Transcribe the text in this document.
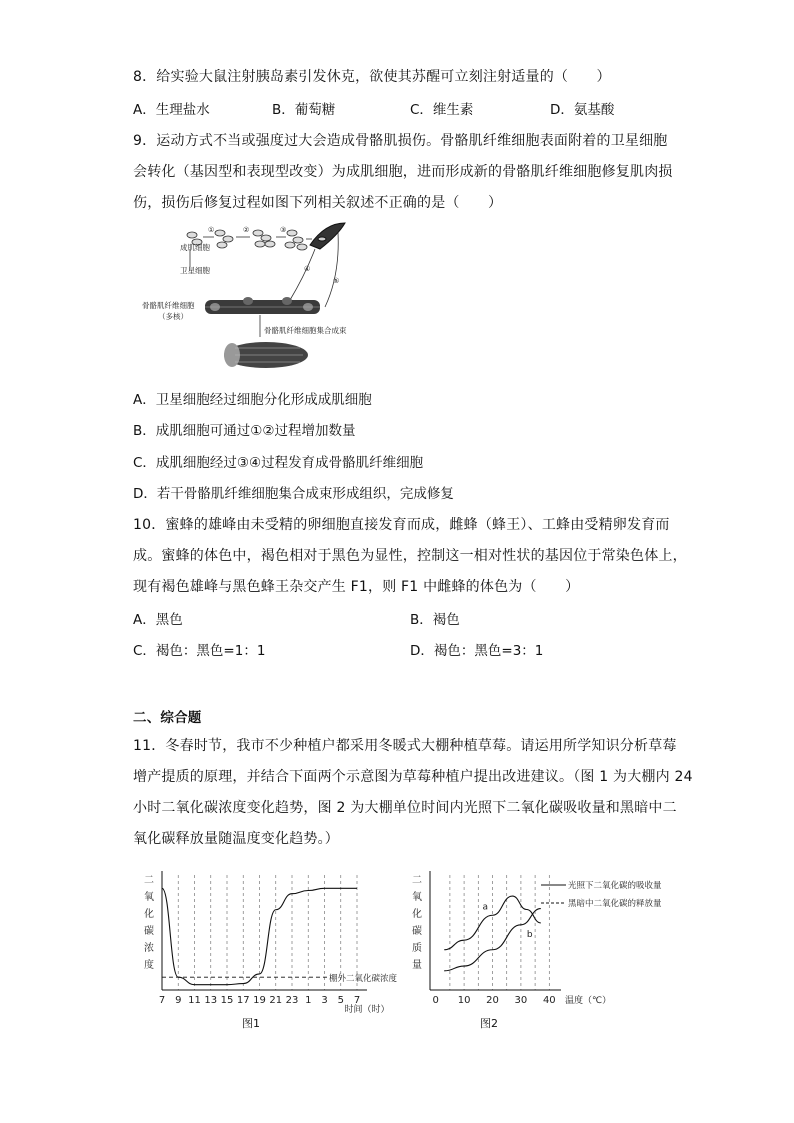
8．给实验大鼠注射胰岛素引发休克，欲使其苏醒可立刻注射适量的（　　）
A．生理盐水	B．葡萄糖	C．维生素	D．氨基酸
9．运动方式不当或强度过大会造成骨骼肌损伤。骨骼肌纤维细胞表面附着的卫星细胞
会转化（基因型和表现型改变）为成肌细胞，进而形成新的骨骼肌纤维细胞修复肌肉损
伤，损伤后修复过程如图下列相关叙述不正确的是（　　）
①	②	③
④
⑤
成肌细胞
卫星细胞
骨骼肌纤维细胞
（多核）
骨骼肌纤维细胞集合成束
A．卫星细胞经过细胞分化形成成肌细胞
B．成肌细胞可通过①②过程增加数量
C．成肌细胞经过③④过程发育成骨骼肌纤维细胞
D．若干骨骼肌纤维细胞集合成束形成组织，完成修复
10．蜜蜂的雄峰由未受精的卵细胞直接发育而成，雌蜂（蜂王）、工蜂由受精卵发育而
成。蜜蜂的体色中，褐色相对于黑色为显性，控制这一相对性状的基因位于常染色体上，
现有褐色雄峰与黑色蜂王杂交产生 F1，则 F1 中雌蜂的体色为（　　）
A．黑色	B．褐色
C．褐色：黑色=1：1	D．褐色：黑色=3：1
二、综合题
11．冬春时节，我市不少种植户都采用冬暖式大棚种植草莓。请运用所学知识分析草莓
增产提质的原理，并结合下面两个示意图为草莓种植户提出改进建议。（图 1 为大棚内 24
小时二氧化碳浓度变化趋势，图 2 为大棚单位时间内光照下二氧化碳吸收量和黑暗中二
氧化碳释放量随温度变化趋势。）
二
氧
化
碳
浓
度
7 9 11 13 15 17 19 21 23 1 3 5 7
时间（时）
棚外二氧化碳浓度
图1
二
氧
化
碳
质
量
0 10 20 30 40 温度（℃）
a
光照下二氧化碳的吸收量
b
黑暗中二氧化碳的释放量
图2
